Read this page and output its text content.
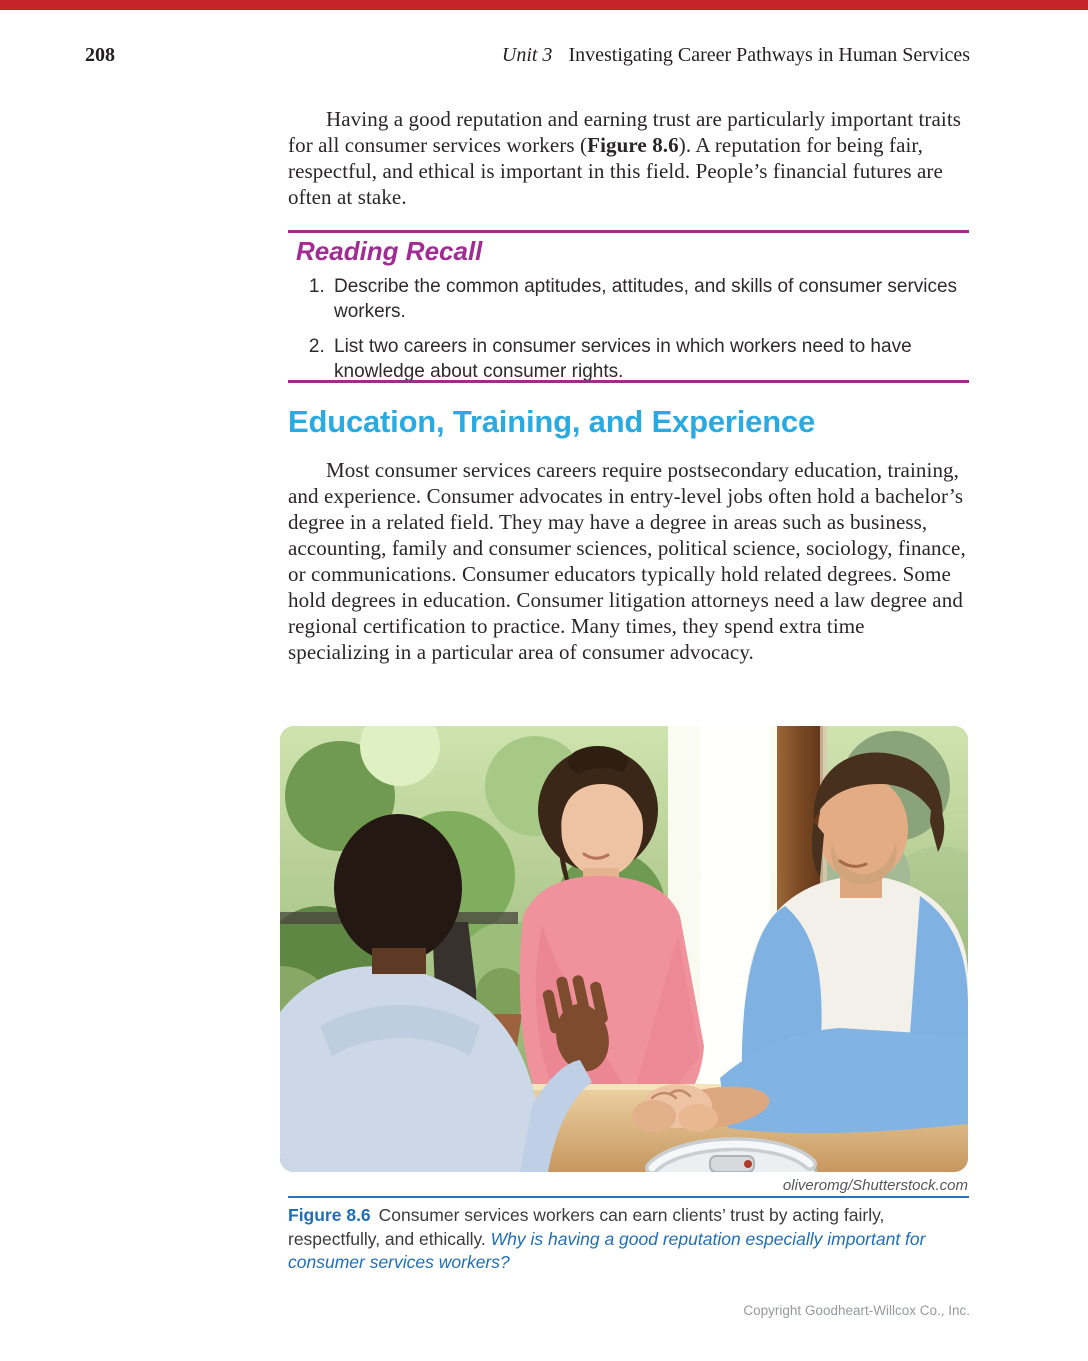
208	Unit 3 Investigating Career Pathways in Human Services
Having a good reputation and earning trust are particularly important traits for all consumer services workers (Figure 8.6). A reputation for being fair, respectful, and ethical is important in this field. People’s financial futures are often at stake.
Reading Recall
1. Describe the common aptitudes, attitudes, and skills of consumer services workers.
2. List two careers in consumer services in which workers need to have knowledge about consumer rights.
Education, Training, and Experience
Most consumer services careers require postsecondary education, training, and experience. Consumer advocates in entry-level jobs often hold a bachelor’s degree in a related field. They may have a degree in areas such as business, accounting, family and consumer sciences, political science, sociology, finance, or communications. Consumer educators typically hold related degrees. Some hold degrees in education. Consumer litigation attorneys need a law degree and regional certification to practice. Many times, they spend extra time specializing in a particular area of consumer advocacy.
oliveromg/Shutterstock.com
Figure 8.6 Consumer services workers can earn clients’ trust by acting fairly, respectfully, and ethically. Why is having a good reputation especially important for consumer services workers?
Copyright Goodheart-Willcox Co., Inc.
